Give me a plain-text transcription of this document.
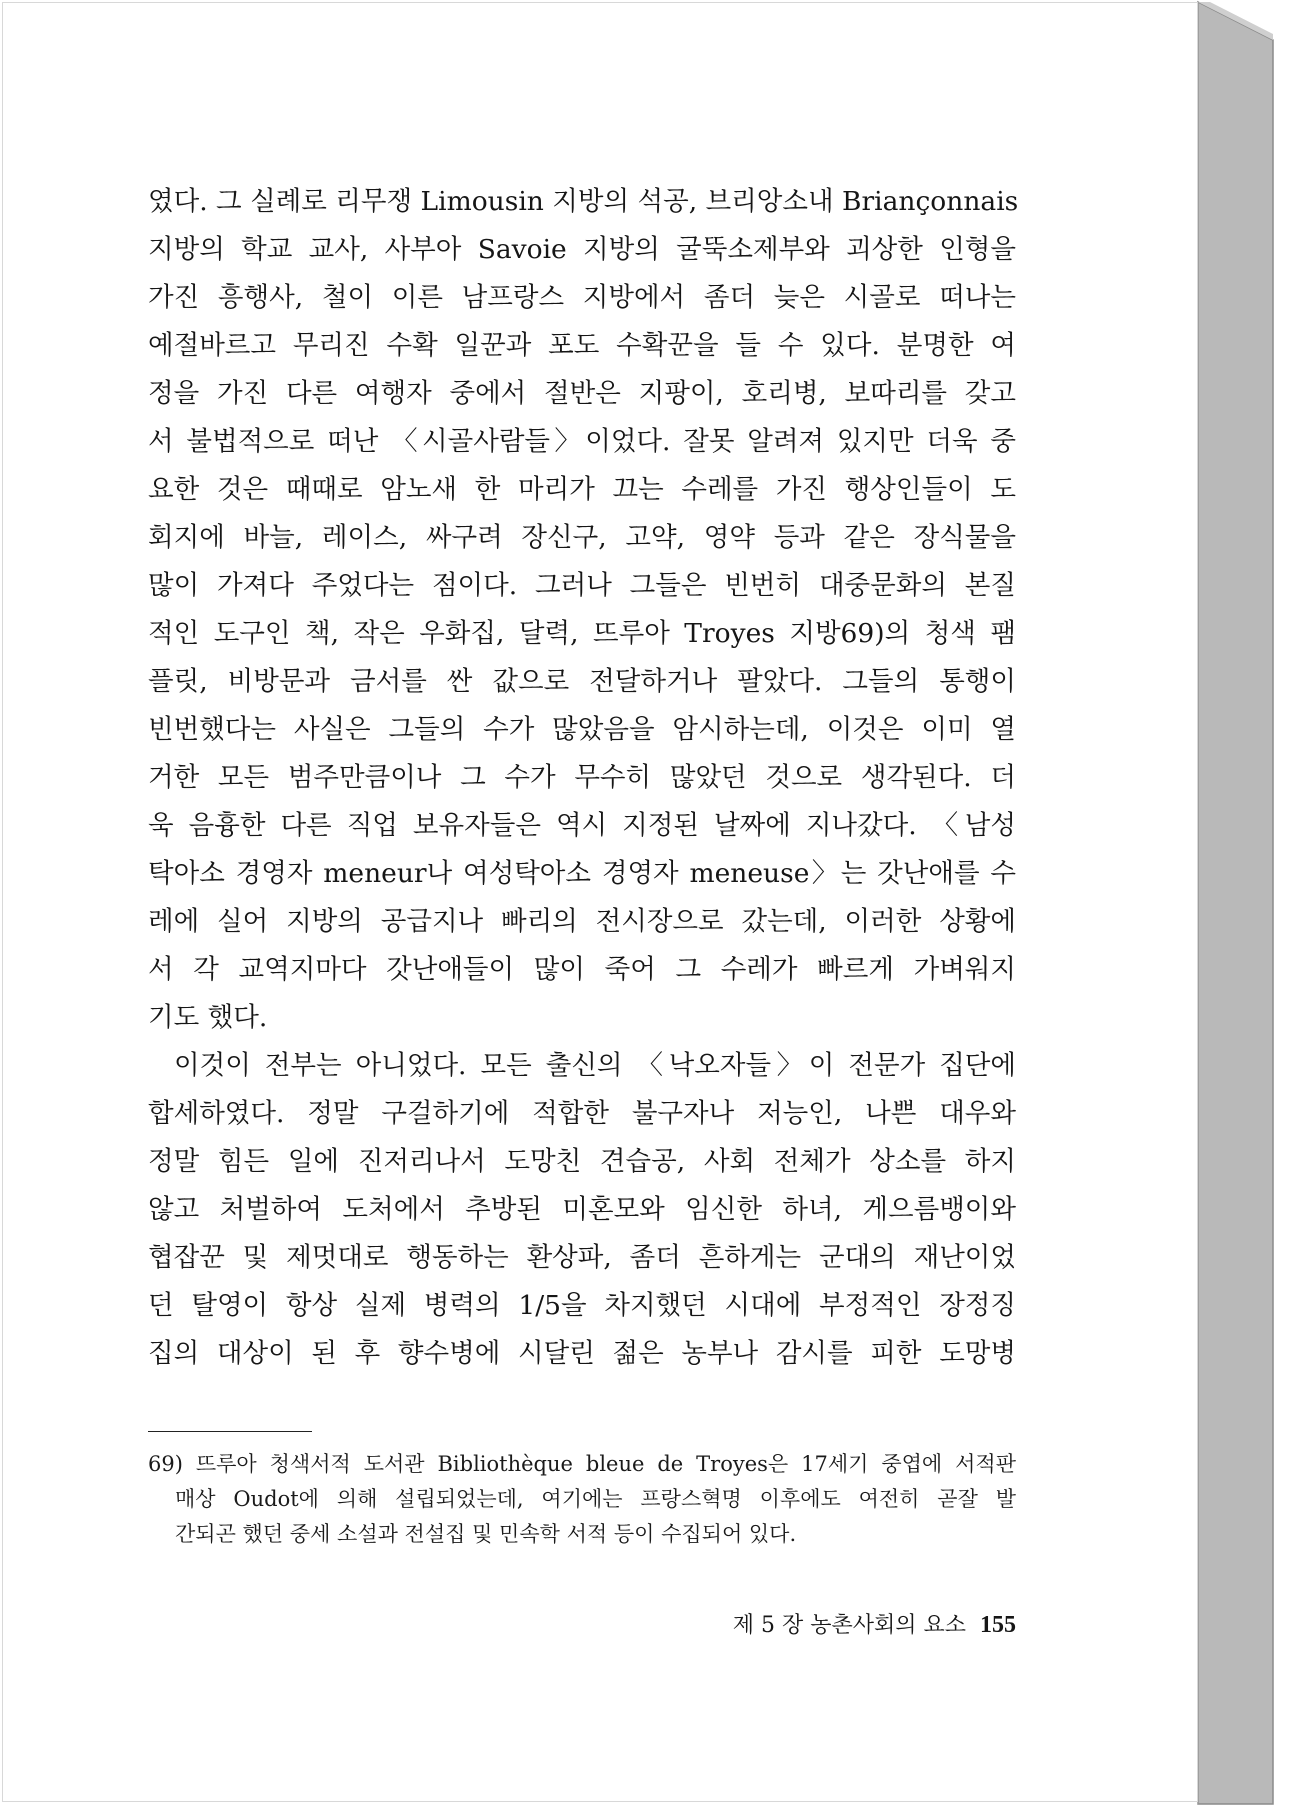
였다. 그 실례로 리무쟁 Limousin 지방의 석공, 브리앙소내 Briançonnais
지방의 학교 교사, 사부아 Savoie 지방의 굴뚝소제부와 괴상한 인형을
가진 흥행사, 철이 이른 남프랑스 지방에서 좀더 늦은 시골로 떠나는
예절바르고 무리진 수확 일꾼과 포도 수확꾼을 들 수 있다. 분명한 여
정을 가진 다른 여행자 중에서 절반은 지팡이, 호리병, 보따리를 갖고
서 불법적으로 떠난 〈시골사람들〉이었다. 잘못 알려져 있지만 더욱 중
요한 것은 때때로 암노새 한 마리가 끄는 수레를 가진 행상인들이 도
회지에 바늘, 레이스, 싸구려 장신구, 고약, 영약 등과 같은 장식물을
많이 가져다 주었다는 점이다. 그러나 그들은 빈번히 대중문화의 본질
적인 도구인 책, 작은 우화집, 달력, 뜨루아 Troyes 지방69)의 청색 팸
플릿, 비방문과 금서를 싼 값으로 전달하거나 팔았다. 그들의 통행이
빈번했다는 사실은 그들의 수가 많았음을 암시하는데, 이것은 이미 열
거한 모든 범주만큼이나 그 수가 무수히 많았던 것으로 생각된다. 더
욱 음흉한 다른 직업 보유자들은 역시 지정된 날짜에 지나갔다. 〈남성
탁아소 경영자 meneur나 여성탁아소 경영자 meneuse〉는 갓난애를 수
레에 실어 지방의 공급지나 빠리의 전시장으로 갔는데, 이러한 상황에
서 각 교역지마다 갓난애들이 많이 죽어 그 수레가 빠르게 가벼워지
기도 했다.
이것이 전부는 아니었다. 모든 출신의 〈낙오자들〉이 전문가 집단에
합세하였다. 정말 구걸하기에 적합한 불구자나 저능인, 나쁜 대우와
정말 힘든 일에 진저리나서 도망친 견습공, 사회 전체가 상소를 하지
않고 처벌하여 도처에서 추방된 미혼모와 임신한 하녀, 게으름뱅이와
협잡꾼 및 제멋대로 행동하는 환상파, 좀더 흔하게는 군대의 재난이었
던 탈영이 항상 실제 병력의 1/5을 차지했던 시대에 부정적인 장정징
집의 대상이 된 후 향수병에 시달린 젊은 농부나 감시를 피한 도망병
69) 뜨루아 청색서적 도서관 Bibliothèque bleue de Troyes은 17세기 중엽에 서적판
매상 Oudot에 의해 설립되었는데, 여기에는 프랑스혁명 이후에도 여전히 곧잘 발
간되곤 했던 중세 소설과 전설집 및 민속학 서적 등이 수집되어 있다.
제 5 장 농촌사회의 요소 155
